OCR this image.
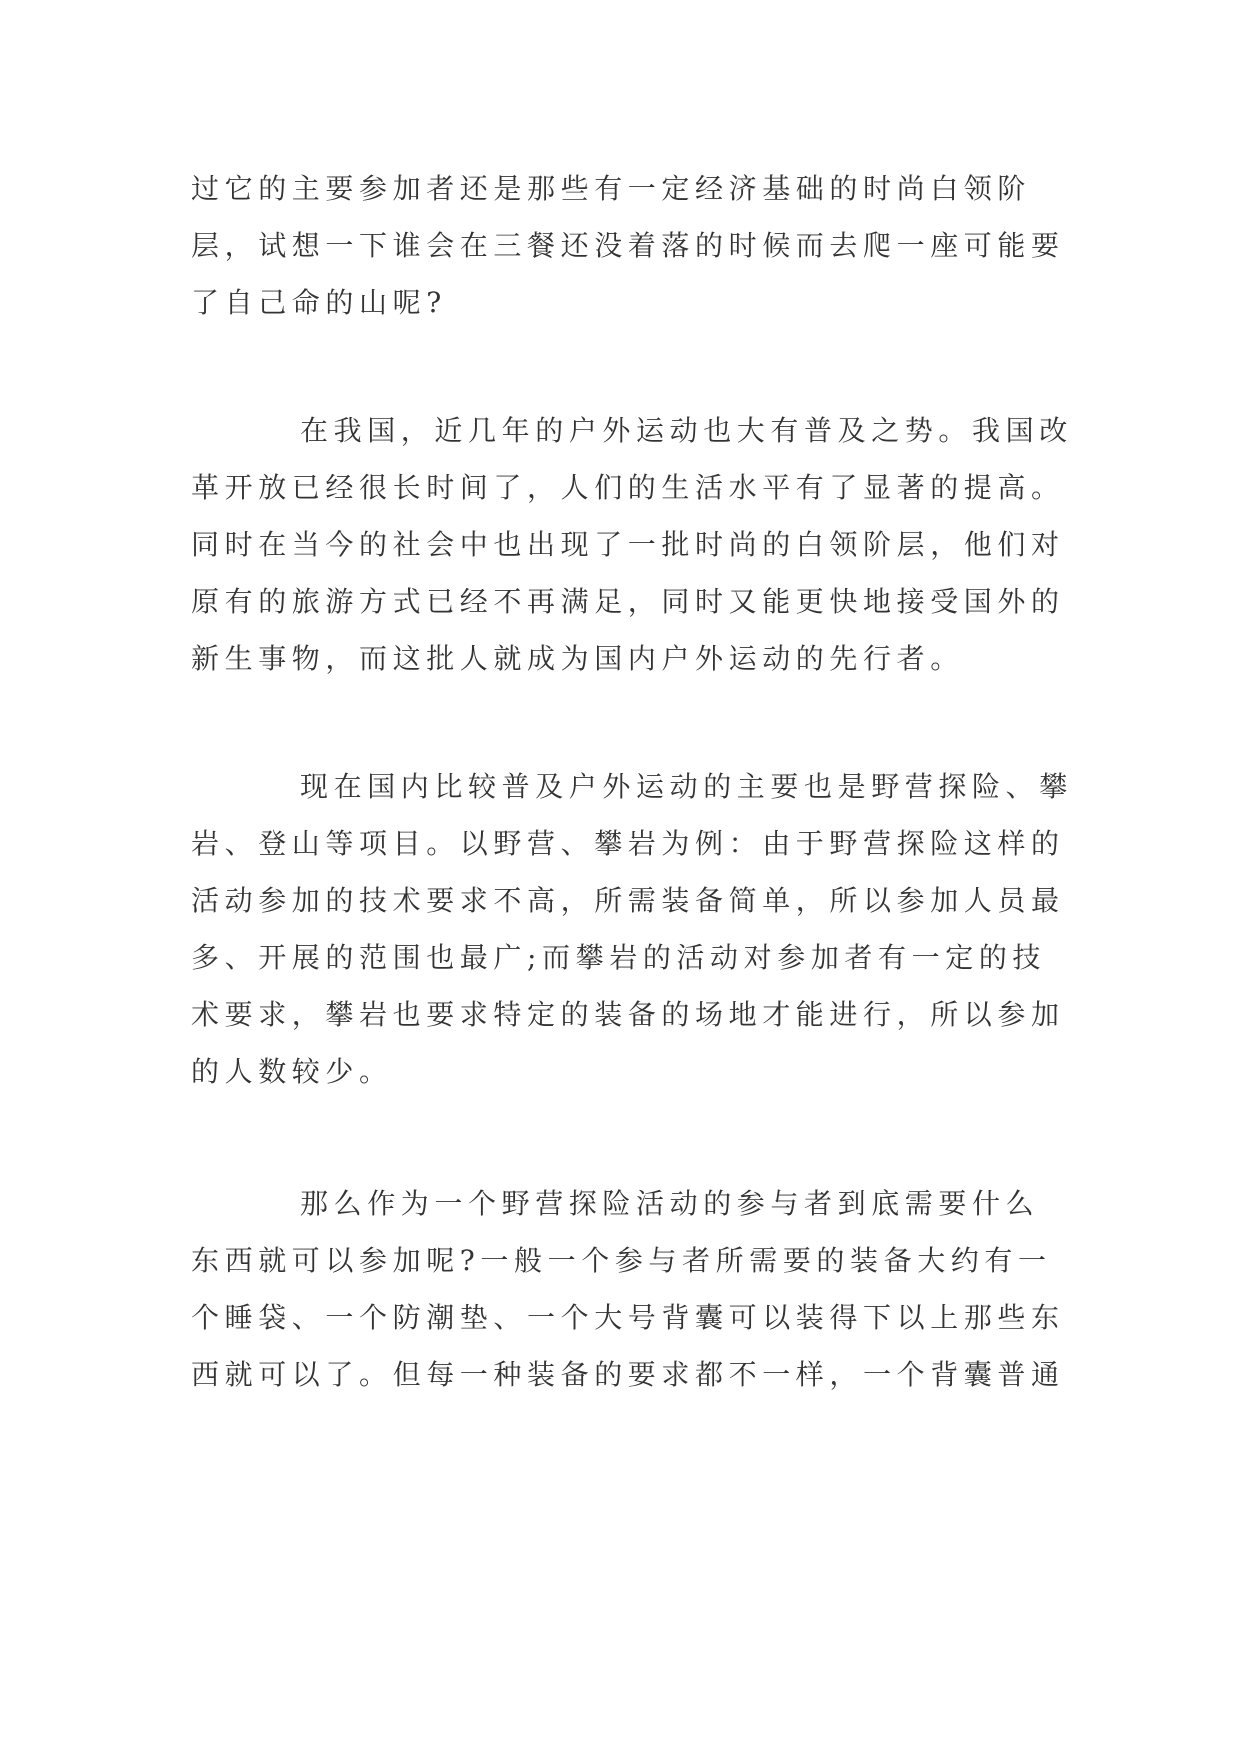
过它的主要参加者还是那些有一定经济基础的时尚白领阶
层，试想一下谁会在三餐还没着落的时候而去爬一座可能要
了自己命的山呢?
在我国，近几年的户外运动也大有普及之势。我国改
革开放已经很长时间了，人们的生活水平有了显著的提高。
同时在当今的社会中也出现了一批时尚的白领阶层，他们对
原有的旅游方式已经不再满足，同时又能更快地接受国外的
新生事物，而这批人就成为国内户外运动的先行者。
现在国内比较普及户外运动的主要也是野营探险、攀
岩、登山等项目。以野营、攀岩为例：由于野营探险这样的
活动参加的技术要求不高，所需装备简单，所以参加人员最
多、开展的范围也最广;而攀岩的活动对参加者有一定的技
术要求，攀岩也要求特定的装备的场地才能进行，所以参加
的人数较少。
那么作为一个野营探险活动的参与者到底需要什么
东西就可以参加呢?一般一个参与者所需要的装备大约有一
个睡袋、一个防潮垫、一个大号背囊可以装得下以上那些东
西就可以了。但每一种装备的要求都不一样，一个背囊普通
